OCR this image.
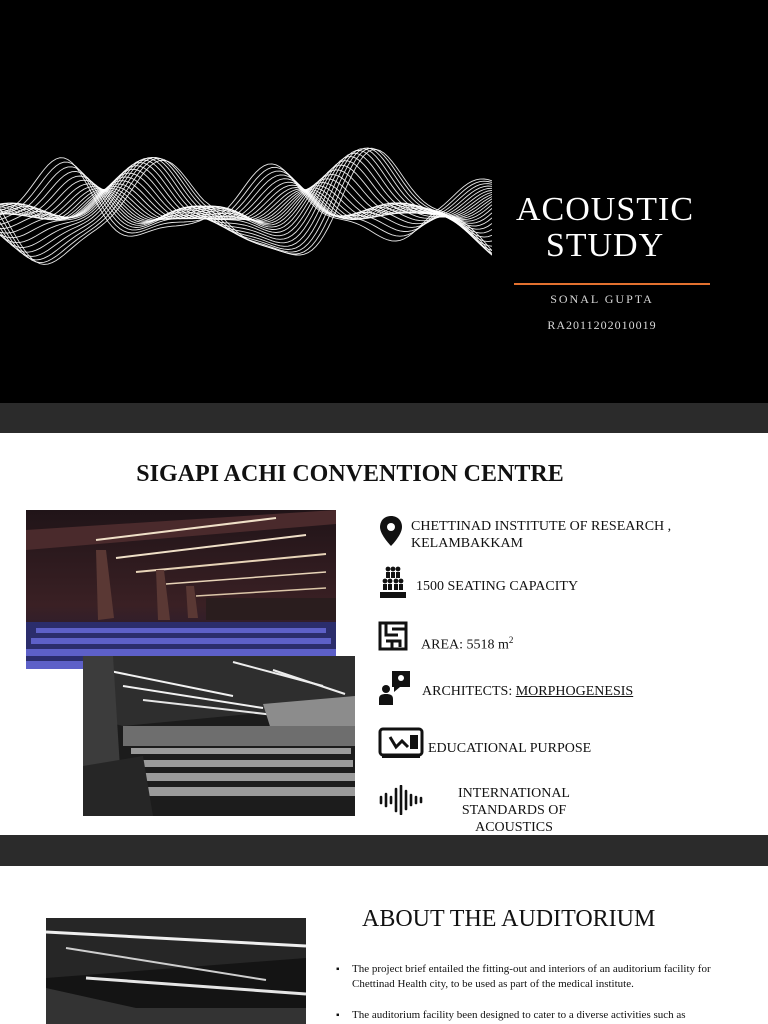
ACOUSTIC
STUDY
SONAL GUPTA
RA2011202010019
SIGAPI ACHI CONVENTION CENTRE
CHETTINAD INSTITUTE OF RESEARCH ,
KELAMBAKKAM
1500 SEATING CAPACITY
AREA: 5518 $m^2$
ARCHITECTS: MORPHOGENESIS
EDUCATIONAL PURPOSE
INTERNATIONAL
STANDARDS OF
ACOUSTICS
ABOUT THE AUDITORIUM
▪ The project brief entailed the fitting-out and interiors of an auditorium facility for Chettinad Health city, to be used as part of the medical institute.
▪ The auditorium facility been designed to cater to a diverse activities such as
